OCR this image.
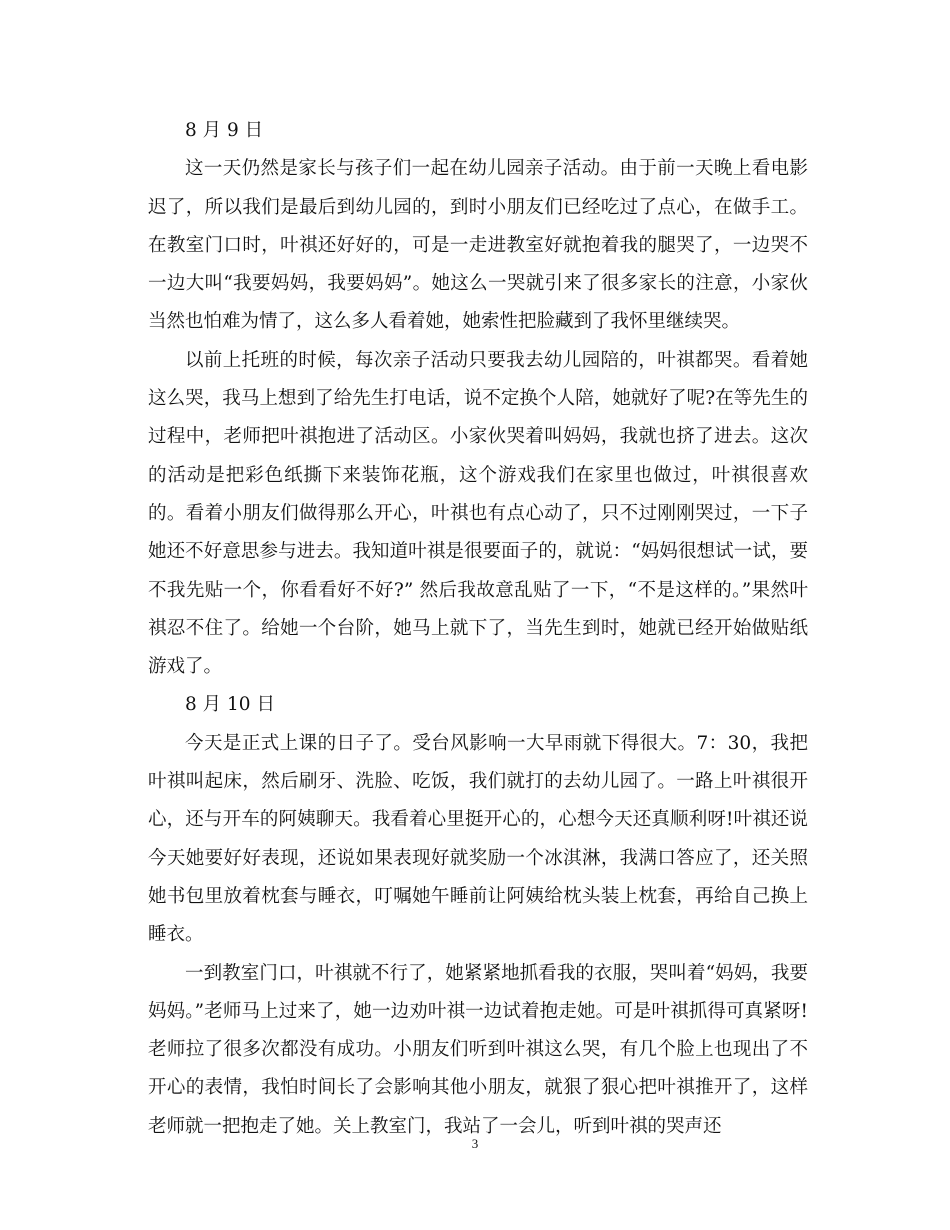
8 月 9 日

这一天仍然是家长与孩子们一起在幼儿园亲子活动。由于前一天晚上看电影迟了，所以我们是最后到幼儿园的，到时小朋友们已经吃过了点心，在做手工。在教室门口时，叶祺还好好的，可是一走进教室好就抱着我的腿哭了，一边哭不一边大叫“我要妈妈，我要妈妈”。她这么一哭就引来了很多家长的注意，小家伙当然也怕难为情了，这么多人看着她，她索性把脸藏到了我怀里继续哭。

以前上托班的时候，每次亲子活动只要我去幼儿园陪的，叶祺都哭。看着她这么哭，我马上想到了给先生打电话，说不定换个人陪，她就好了呢?在等先生的过程中，老师把叶祺抱进了活动区。小家伙哭着叫妈妈，我就也挤了进去。这次的活动是把彩色纸撕下来装饰花瓶，这个游戏我们在家里也做过，叶祺很喜欢的。看着小朋友们做得那么开心，叶祺也有点心动了，只不过刚刚哭过，一下子她还不好意思参与进去。我知道叶祺是很要面子的，就说：“妈妈很想试一试，要不我先贴一个，你看看好不好?” 然后我故意乱贴了一下，“不是这样的。”果然叶祺忍不住了。给她一个台阶，她马上就下了，当先生到时，她就已经开始做贴纸游戏了。

8 月 10 日

今天是正式上课的日子了。受台风影响一大早雨就下得很大。7：30，我把叶祺叫起床，然后刷牙、洗脸、吃饭，我们就打的去幼儿园了。一路上叶祺很开心，还与开车的阿姨聊天。我看着心里挺开心的，心想今天还真顺利呀!叶祺还说今天她要好好表现，还说如果表现好就奖励一个冰淇淋，我满口答应了，还关照她书包里放着枕套与睡衣，叮嘱她午睡前让阿姨给枕头装上枕套，再给自己换上睡衣。

一到教室门口，叶祺就不行了，她紧紧地抓看我的衣服，哭叫着“妈妈，我要妈妈。”老师马上过来了，她一边劝叶祺一边试着抱走她。可是叶祺抓得可真紧呀!老师拉了很多次都没有成功。小朋友们听到叶祺这么哭，有几个脸上也现出了不开心的表情，我怕时间长了会影响其他小朋友，就狠了狠心把叶祺推开了，这样老师就一把抱走了她。关上教室门，我站了一会儿，听到叶祺的哭声还

3
